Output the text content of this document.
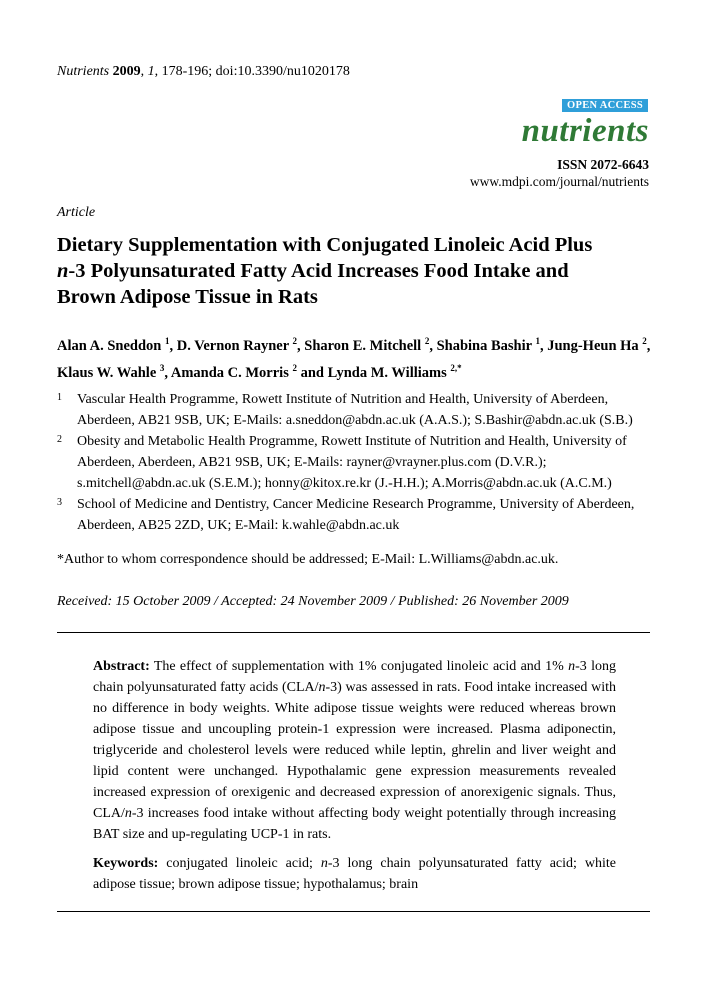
Nutrients 2009, 1, 178-196; doi:10.3390/nu1020178
OPEN ACCESS
nutrients
ISSN 2072-6643
www.mdpi.com/journal/nutrients
Article
Dietary Supplementation with Conjugated Linoleic Acid Plus
n-3 Polyunsaturated Fatty Acid Increases Food Intake and
Brown Adipose Tissue in Rats
Alan A. Sneddon $^1$, D. Vernon Rayner $^2$, Sharon E. Mitchell $^2$, Shabina Bashir $^1$, Jung-Heun Ha $^2$,
Klaus W. Wahle $^3$, Amanda C. Morris $^2$ and Lynda M. Williams $^{2,*}$
1 Vascular Health Programme, Rowett Institute of Nutrition and Health, University of Aberdeen,
Aberdeen, AB21 9SB, UK; E-Mails: a.sneddon@abdn.ac.uk (A.A.S.); S.Bashir@abdn.ac.uk (S.B.)
2 Obesity and Metabolic Health Programme, Rowett Institute of Nutrition and Health, University of
Aberdeen, Aberdeen, AB21 9SB, UK; E-Mails: rayner@vrayner.plus.com (D.V.R.);
s.mitchell@abdn.ac.uk (S.E.M.); honny@kitox.re.kr (J.-H.H.); A.Morris@abdn.ac.uk (A.C.M.)
3 School of Medicine and Dentistry, Cancer Medicine Research Programme, University of Aberdeen,
Aberdeen, AB25 2ZD, UK; E-Mail: k.wahle@abdn.ac.uk
*Author to whom correspondence should be addressed; E-Mail: L.Williams@abdn.ac.uk.
Received: 15 October 2009 / Accepted: 24 November 2009 / Published: 26 November 2009
Abstract: The effect of supplementation with 1% conjugated linoleic acid and 1% n-3 long chain polyunsaturated fatty acids (CLA/n-3) was assessed in rats. Food intake increased with no difference in body weights. White adipose tissue weights were reduced whereas brown adipose tissue and uncoupling protein-1 expression were increased. Plasma adiponectin, triglyceride and cholesterol levels were reduced while leptin, ghrelin and liver weight and lipid content were unchanged. Hypothalamic gene expression measurements revealed increased expression of orexigenic and decreased expression of anorexigenic signals. Thus, CLA/n-3 increases food intake without affecting body weight potentially through increasing BAT size and up-regulating UCP-1 in rats.
Keywords: conjugated linoleic acid; n-3 long chain polyunsaturated fatty acid; white adipose tissue; brown adipose tissue; hypothalamus; brain
